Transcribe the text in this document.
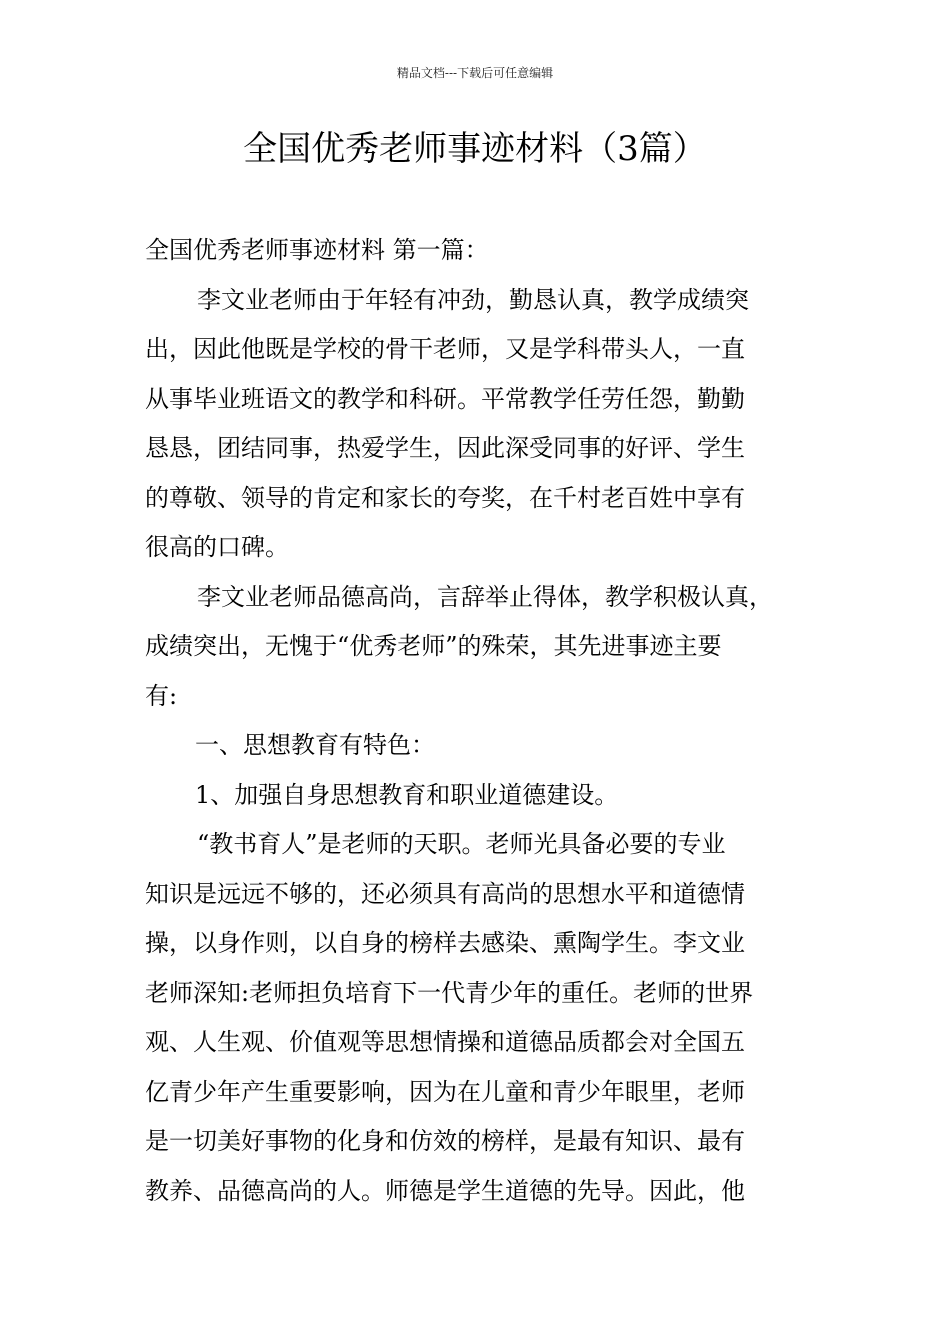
精品文档---下载后可任意编辑
全国优秀老师事迹材料（3篇）
全国优秀老师事迹材料 第一篇：
李文业老师由于年轻有冲劲，勤恳认真，教学成绩突
出，因此他既是学校的骨干老师，又是学科带头人，一直
从事毕业班语文的教学和科研。平常教学任劳任怨，勤勤
恳恳，团结同事，热爱学生，因此深受同事的好评、学生
的尊敬、领导的肯定和家长的夸奖，在千村老百姓中享有
很高的口碑。
李文业老师品德高尚，言辞举止得体，教学积极认真，
成绩突出，无愧于“优秀老师”的殊荣，其先进事迹主要
有:
一、思想教育有特色：
1、加强自身思想教育和职业道德建设。
“教书育人”是老师的天职。老师光具备必要的专业
知识是远远不够的，还必须具有高尚的思想水平和道德情
操，以身作则，以自身的榜样去感染、熏陶学生。李文业
老师深知:老师担负培育下一代青少年的重任。老师的世界
观、人生观、价值观等思想情操和道德品质都会对全国五
亿青少年产生重要影响，因为在儿童和青少年眼里，老师
是一切美好事物的化身和仿效的榜样，是最有知识、最有
教养、品德高尚的人。师德是学生道德的先导。因此，他
